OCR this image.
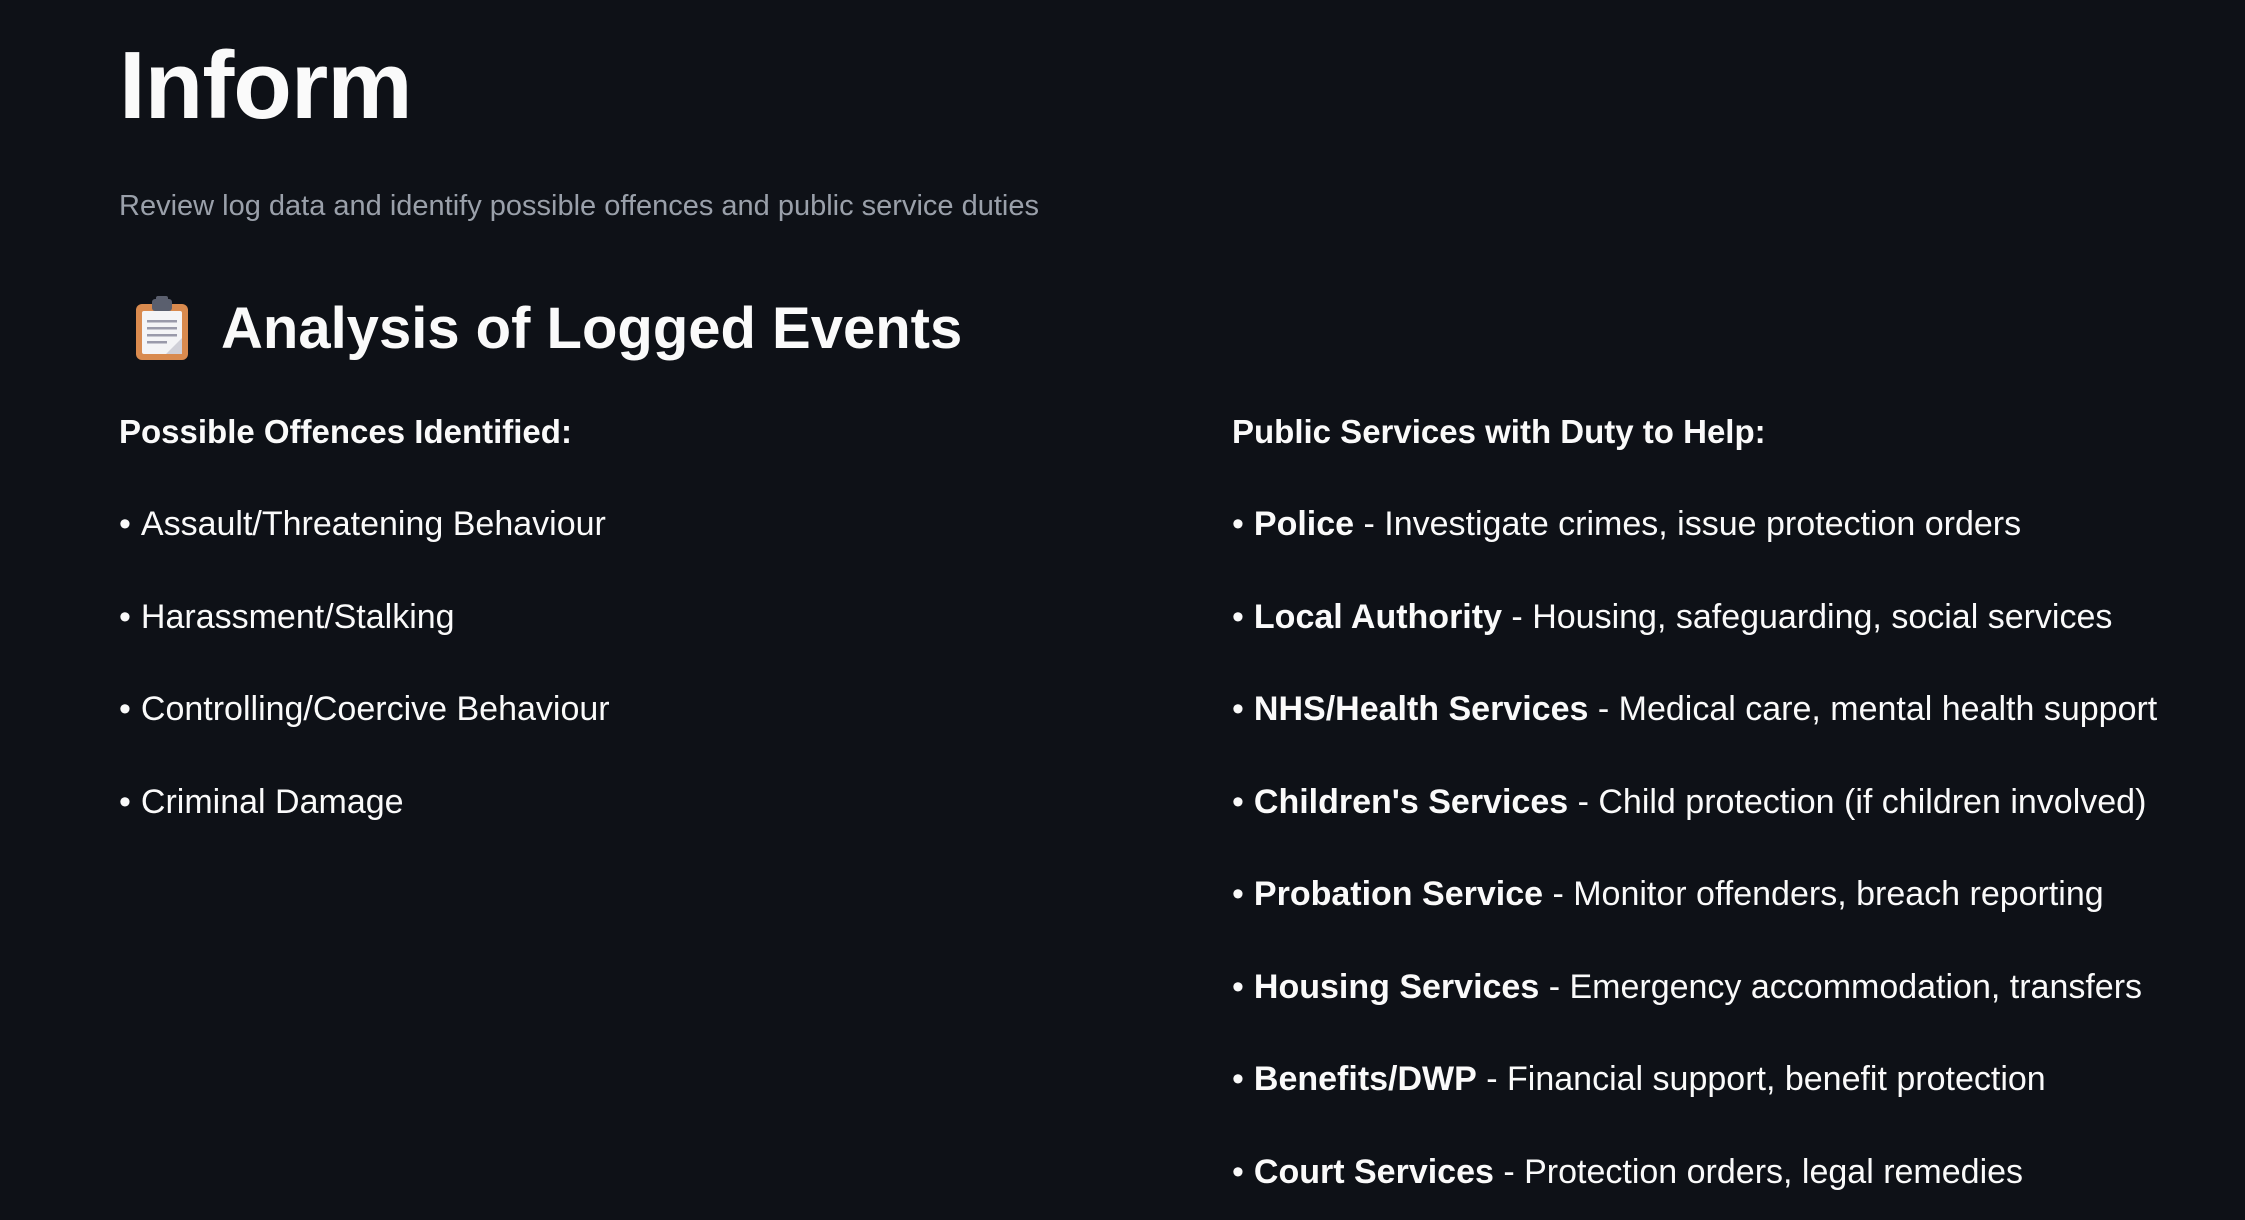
Inform

Review log data and identify possible offences and public service duties

Analysis of Logged Events
Possible Offences Identified:
• Assault/Threatening Behaviour
• Harassment/Stalking
• Controlling/Coercive Behaviour
• Criminal Damage
Public Services with Duty to Help:
• Police - Investigate crimes, issue protection orders
• Local Authority - Housing, safeguarding, social services
• NHS/Health Services - Medical care, mental health support
• Children's Services - Child protection (if children involved)
• Probation Service - Monitor offenders, breach reporting
• Housing Services - Emergency accommodation, transfers
• Benefits/DWP - Financial support, benefit protection
• Court Services - Protection orders, legal remedies
